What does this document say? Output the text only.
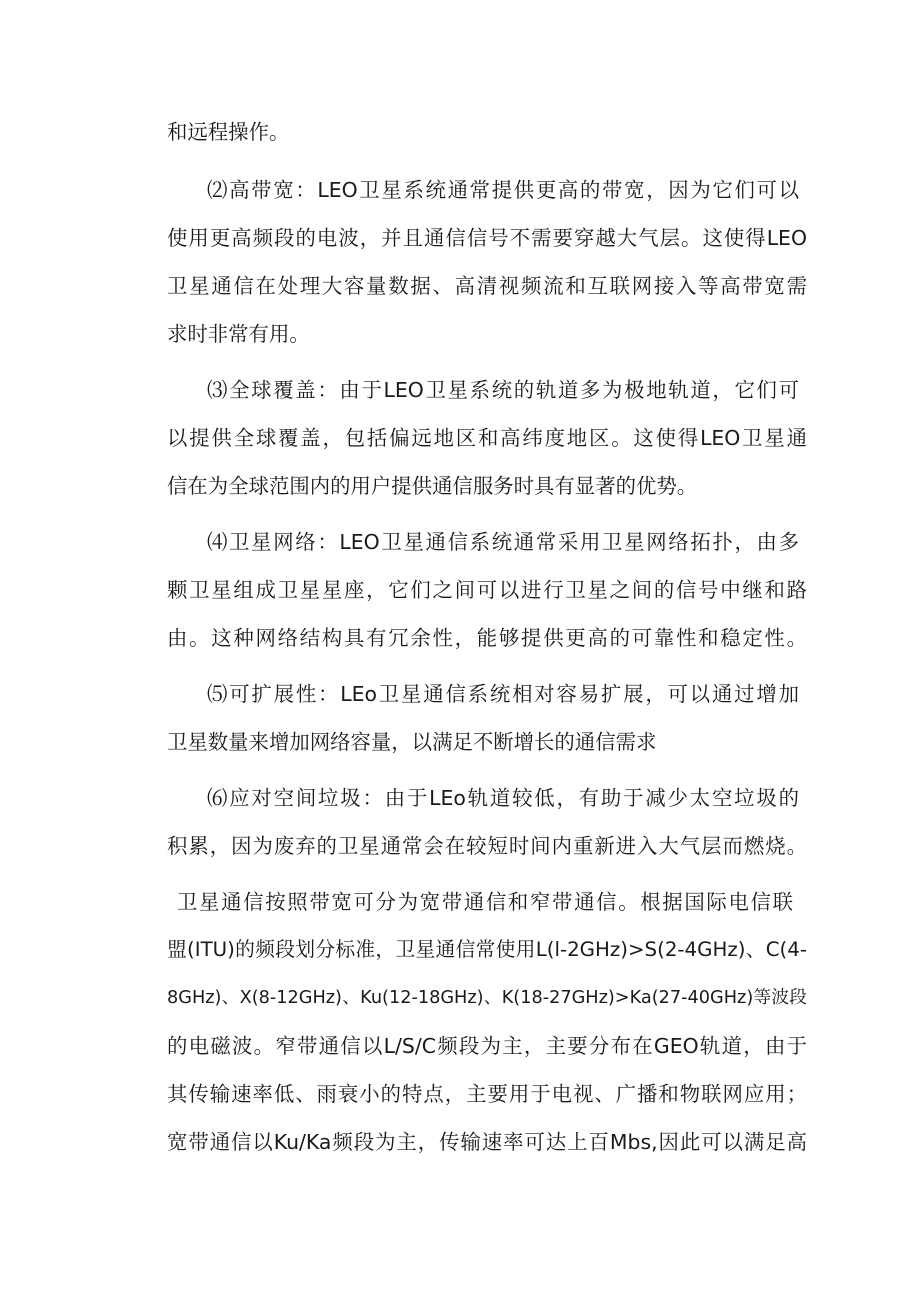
和远程操作。
⑵高带宽：LEO卫星系统通常提供更高的带宽，因为它们可以
使用更高频段的电波，并且通信信号不需要穿越大气层。这使得LEO
卫星通信在处理大容量数据、高清视频流和互联网接入等高带宽需
求时非常有用。
⑶全球覆盖：由于LEO卫星系统的轨道多为极地轨道，它们可
以提供全球覆盖，包括偏远地区和高纬度地区。这使得LEO卫星通
信在为全球范围内的用户提供通信服务时具有显著的优势。
⑷卫星网络：LEO卫星通信系统通常采用卫星网络拓扑，由多
颗卫星组成卫星星座，它们之间可以进行卫星之间的信号中继和路
由。这种网络结构具有冗余性，能够提供更高的可靠性和稳定性。
⑸可扩展性：LEo卫星通信系统相对容易扩展，可以通过增加
卫星数量来增加网络容量，以满足不断增长的通信需求
⑹应对空间垃圾：由于LEo轨道较低，有助于减少太空垃圾的
积累，因为废弃的卫星通常会在较短时间内重新进入大气层而燃烧。
卫星通信按照带宽可分为宽带通信和窄带通信。根据国际电信联
盟(ITU)的频段划分标准，卫星通信常使用L(l-2GHz)>S(2-4GHz)、C(4-
8GHz)、X(8-12GHz)、Ku(12-18GHz)、K(18-27GHz)>Ka(27-40GHz)等波段
的电磁波。窄带通信以L/S/C频段为主，主要分布在GEO轨道，由于
其传输速率低、雨衰小的特点，主要用于电视、广播和物联网应用；
宽带通信以Ku/Ka频段为主，传输速率可达上百Mbs,因此可以满足高
